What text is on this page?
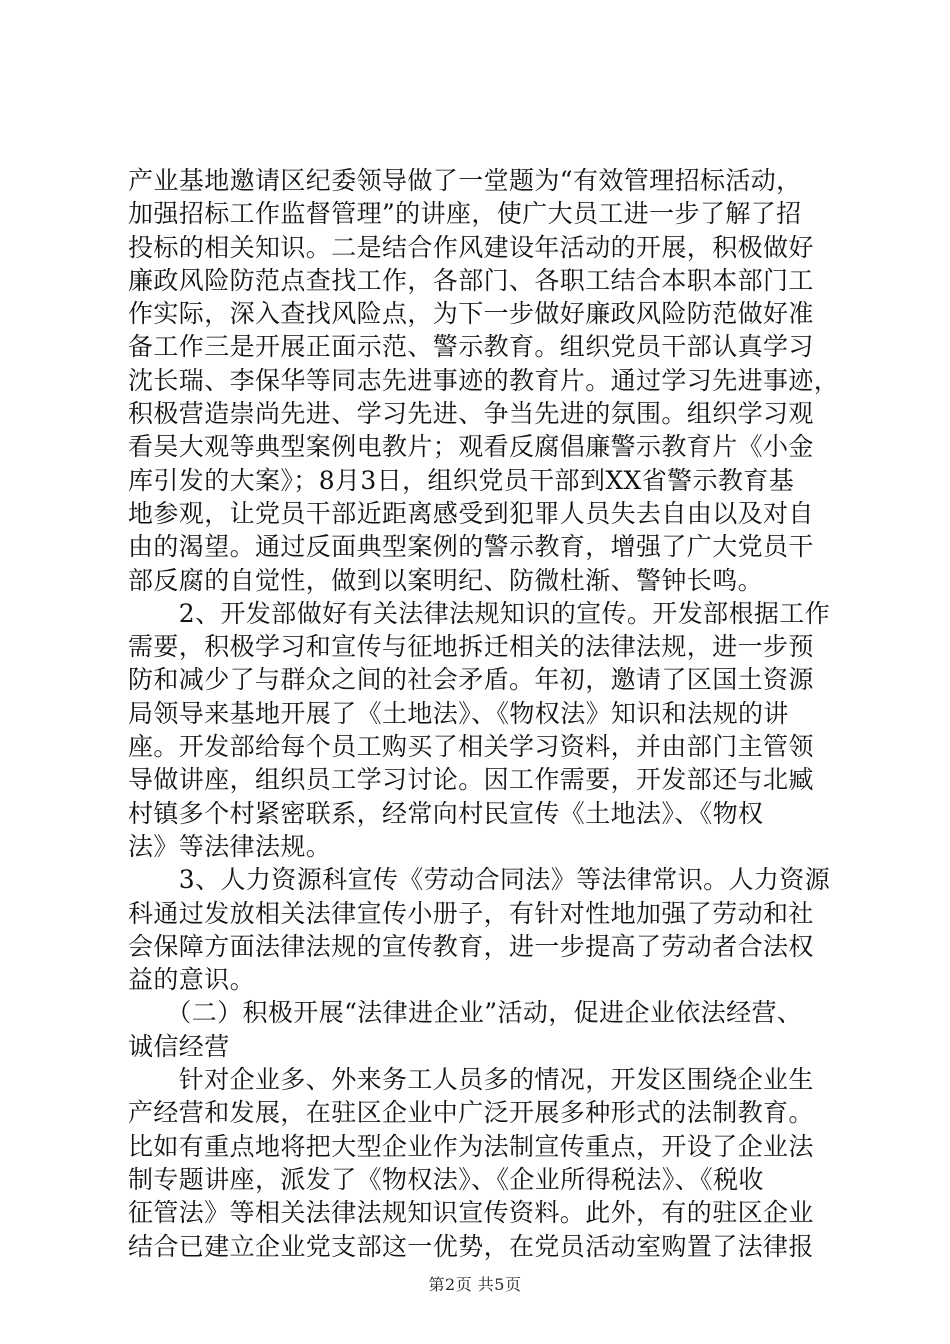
产业基地邀请区纪委领导做了一堂题为“有效管理招标活动，
加强招标工作监督管理”的讲座，使广大员工进一步了解了招
投标的相关知识。二是结合作风建设年活动的开展，积极做好
廉政风险防范点查找工作，各部门、各职工结合本职本部门工
作实际，深入查找风险点，为下一步做好廉政风险防范做好准
备工作三是开展正面示范、警示教育。组织党员干部认真学习
沈长瑞、李保华等同志先进事迹的教育片。通过学习先进事迹，
积极营造崇尚先进、学习先进、争当先进的氛围。组织学习观
看吴大观等典型案例电教片；观看反腐倡廉警示教育片《小金
库引发的大案》；8月3日，组织党员干部到XX省警示教育基
地参观，让党员干部近距离感受到犯罪人员失去自由以及对自
由的渴望。通过反面典型案例的警示教育，增强了广大党员干
部反腐的自觉性，做到以案明纪、防微杜渐、警钟长鸣。
　　2、开发部做好有关法律法规知识的宣传。开发部根据工作
需要，积极学习和宣传与征地拆迁相关的法律法规，进一步预
防和减少了与群众之间的社会矛盾。年初，邀请了区国土资源
局领导来基地开展了《土地法》、《物权法》知识和法规的讲
座。开发部给每个员工购买了相关学习资料，并由部门主管领
导做讲座，组织员工学习讨论。因工作需要，开发部还与北臧
村镇多个村紧密联系，经常向村民宣传《土地法》、《物权
法》等法律法规。
　　3、人力资源科宣传《劳动合同法》等法律常识。人力资源
科通过发放相关法律宣传小册子，有针对性地加强了劳动和社
会保障方面法律法规的宣传教育，进一步提高了劳动者合法权
益的意识。
　　（二）积极开展“法律进企业”活动，促进企业依法经营、
诚信经营
　　针对企业多、外来务工人员多的情况，开发区围绕企业生
产经营和发展，在驻区企业中广泛开展多种形式的法制教育。
比如有重点地将把大型企业作为法制宣传重点，开设了企业法
制专题讲座，派发了《物权法》、《企业所得税法》、《税收
征管法》等相关法律法规知识宣传资料。此外，有的驻区企业
结合已建立企业党支部这一优势，在党员活动室购置了法律报
第2页 共5页
